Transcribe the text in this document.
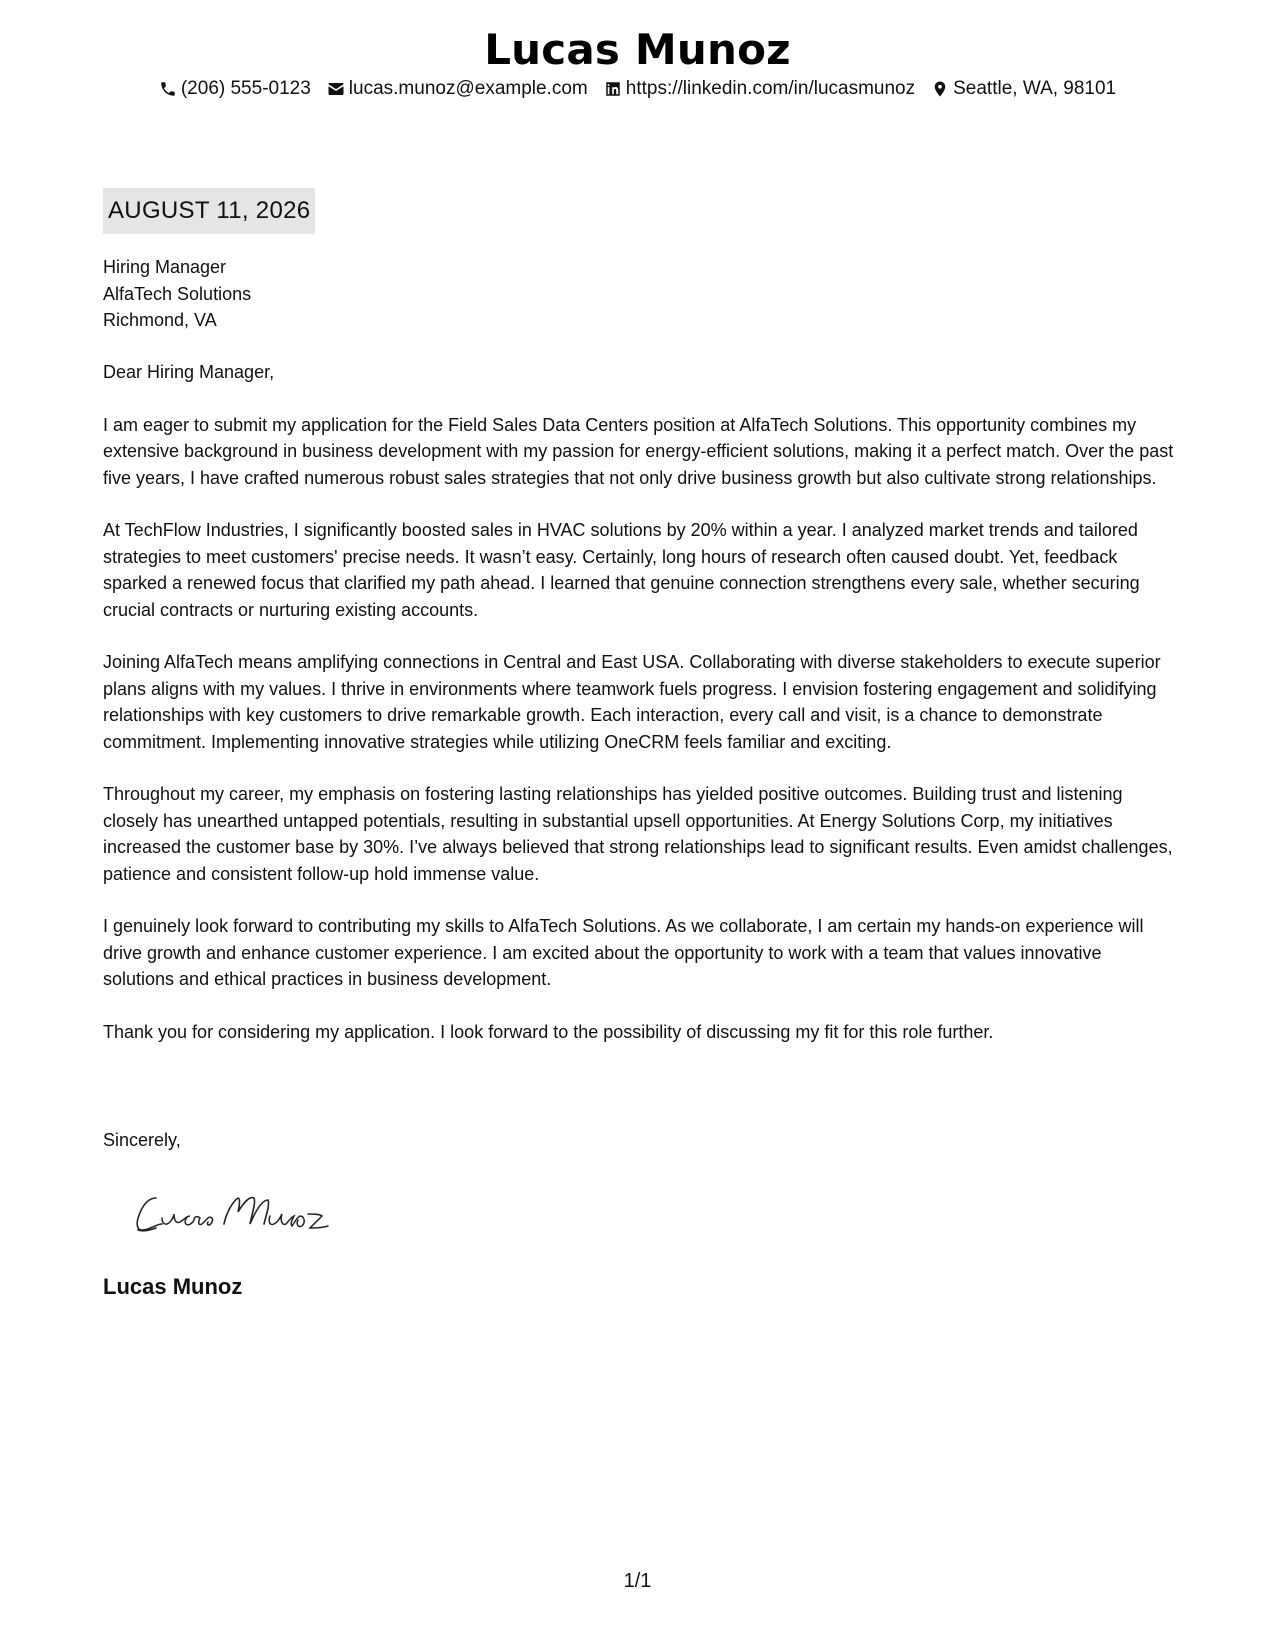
Lucas Munoz
(206) 555-0123 lucas.munoz@example.com https://linkedin.com/in/lucasmunoz Seattle, WA, 98101
AUGUST 11, 2026
Hiring Manager
AlfaTech Solutions
Richmond, VA

Dear Hiring Manager,

I am eager to submit my application for the Field Sales Data Centers position at AlfaTech Solutions. This opportunity combines my extensive background in business development with my passion for energy-efficient solutions, making it a perfect match. Over the past five years, I have crafted numerous robust sales strategies that not only drive business growth but also cultivate strong relationships.

At TechFlow Industries, I significantly boosted sales in HVAC solutions by 20% within a year. I analyzed market trends and tailored strategies to meet customers' precise needs. It wasn’t easy. Certainly, long hours of research often caused doubt. Yet, feedback sparked a renewed focus that clarified my path ahead. I learned that genuine connection strengthens every sale, whether securing crucial contracts or nurturing existing accounts.

Joining AlfaTech means amplifying connections in Central and East USA. Collaborating with diverse stakeholders to execute superior plans aligns with my values. I thrive in environments where teamwork fuels progress. I envision fostering engagement and solidifying relationships with key customers to drive remarkable growth. Each interaction, every call and visit, is a chance to demonstrate commitment. Implementing innovative strategies while utilizing OneCRM feels familiar and exciting.

Throughout my career, my emphasis on fostering lasting relationships has yielded positive outcomes. Building trust and listening closely has unearthed untapped potentials, resulting in substantial upsell opportunities. At Energy Solutions Corp, my initiatives increased the customer base by 30%. I’ve always believed that strong relationships lead to significant results. Even amidst challenges, patience and consistent follow-up hold immense value.

I genuinely look forward to contributing my skills to AlfaTech Solutions. As we collaborate, I am certain my hands-on experience will drive growth and enhance customer experience. I am excited about the opportunity to work with a team that values innovative solutions and ethical practices in business development.

Thank you for considering my application. I look forward to the possibility of discussing my fit for this role further.

Sincerely,
Lucas Munoz
1/1
